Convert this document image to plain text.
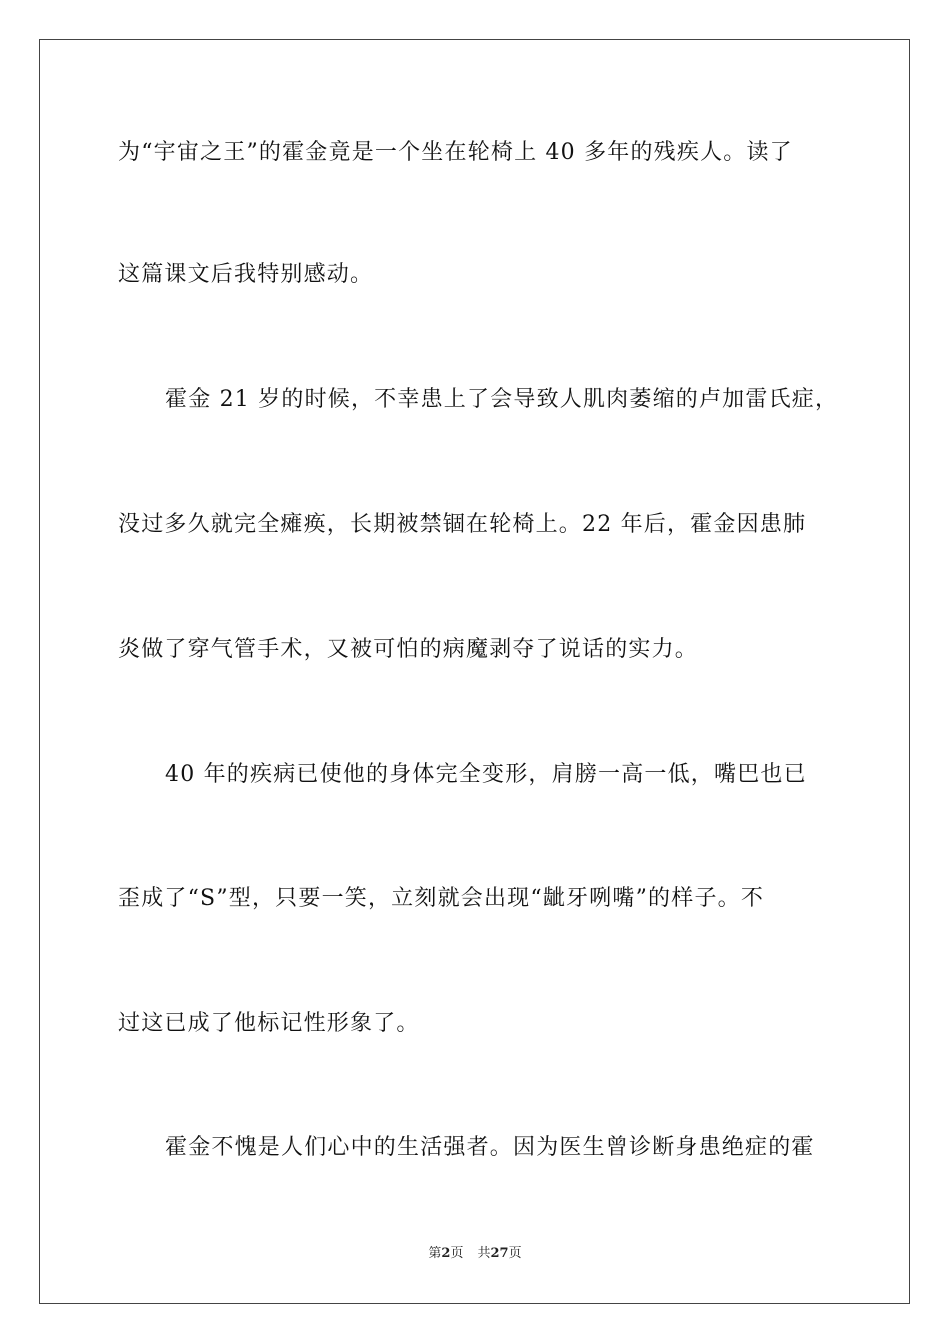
为“宇宙之王”的霍金竟是一个坐在轮椅上 40 多年的残疾人。读了
这篇课文后我特别感动。
霍金 21 岁的时候，不幸患上了会导致人肌肉萎缩的卢加雷氏症，
没过多久就完全瘫痪，长期被禁锢在轮椅上。22 年后，霍金因患肺
炎做了穿气管手术，又被可怕的病魔剥夺了说话的实力。
40 年的疾病已使他的身体完全变形，肩膀一高一低，嘴巴也已
歪成了“S”型，只要一笑，立刻就会出现“龇牙咧嘴”的样子。不
过这已成了他标记性形象了。
霍金不愧是人们心中的生活强者。因为医生曾诊断身患绝症的霍
第2页 共27页
